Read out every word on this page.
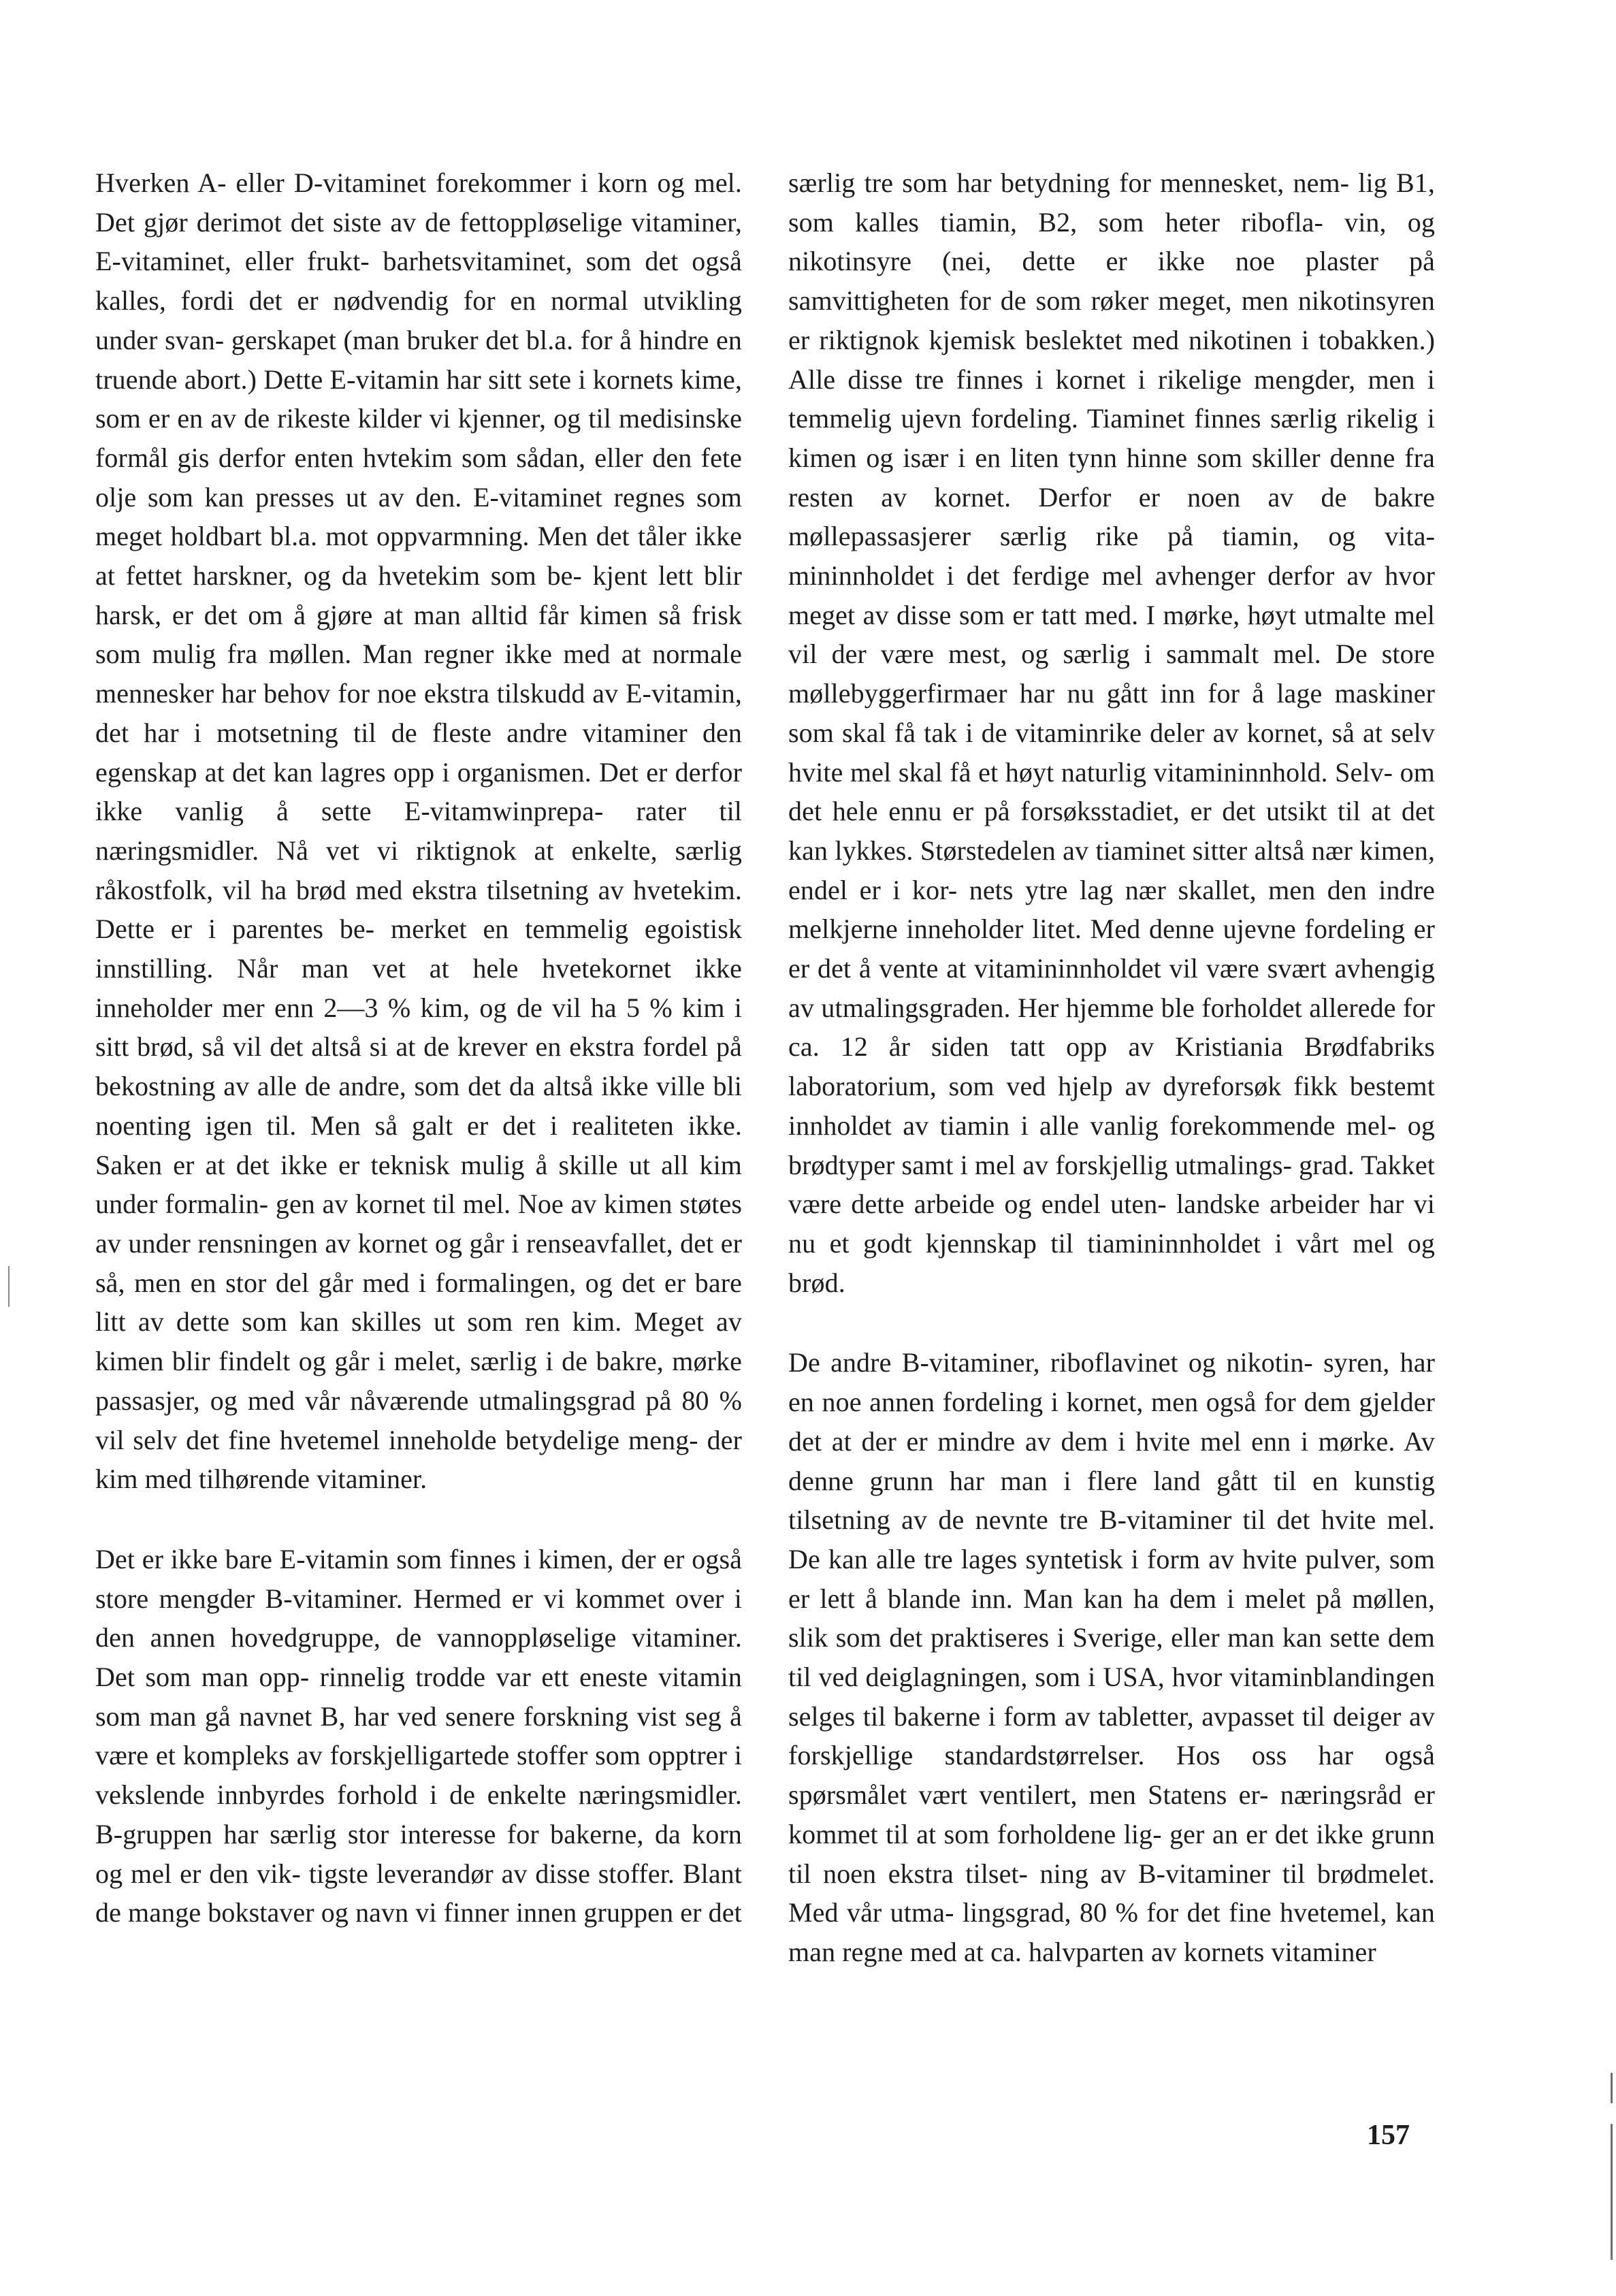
Hverken A- eller D-vitaminet forekommer i korn og mel. Det gjør derimot det siste av de fettoppløselige vitaminer, E-vitaminet, eller frukt- barhetsvitaminet, som det også kalles, fordi det er nødvendig for en normal utvikling under svan- gerskapet (man bruker det bl.a. for å hindre en truende abort.) Dette E-vitamin har sitt sete i kornets kime, som er en av de rikeste kilder vi kjenner, og til medisinske formål gis derfor enten hvtekim som sådan, eller den fete olje som kan presses ut av den. E-vitaminet regnes som meget holdbart bl.a. mot oppvarmning. Men det tåler ikke at fettet harskner, og da hvetekim som be- kjent lett blir harsk, er det om å gjøre at man alltid får kimen så frisk som mulig fra møllen. Man regner ikke med at normale mennesker har behov for noe ekstra tilskudd av E-vitamin, det har i motsetning til de fleste andre vitaminer den egenskap at det kan lagres opp i organismen. Det er derfor ikke vanlig å sette E-vitamwinprepa- rater til næringsmidler. Nå vet vi riktignok at enkelte, særlig råkostfolk, vil ha brød med ekstra tilsetning av hvetekim. Dette er i parentes be- merket en temmelig egoistisk innstilling. Når man vet at hele hvetekornet ikke inneholder mer enn 2—3 % kim, og de vil ha 5 % kim i sitt brød, så vil det altså si at de krever en ekstra fordel på bekostning av alle de andre, som det da altså ikke ville bli noenting igen til. Men så galt er det i realiteten ikke. Saken er at det ikke er teknisk mulig å skille ut all kim under formalin- gen av kornet til mel. Noe av kimen støtes av under rensningen av kornet og går i renseavfallet, det er så, men en stor del går med i formalingen, og det er bare litt av dette som kan skilles ut som ren kim. Meget av kimen blir findelt og går i melet, særlig i de bakre, mørke passasjer, og med vår nåværende utmalingsgrad på 80 % vil selv det fine hvetemel inneholde betydelige meng- der kim med tilhørende vitaminer.

Det er ikke bare E-vitamin som finnes i kimen, der er også store mengder B-vitaminer. Hermed er vi kommet over i den annen hovedgruppe, de vannoppløselige vitaminer. Det som man opp- rinnelig trodde var ett eneste vitamin som man gå navnet B, har ved senere forskning vist seg å være et kompleks av forskjelligartede stoffer som opptrer i vekslende innbyrdes forhold i de enkelte næringsmidler. B-gruppen har særlig stor interesse for bakerne, da korn og mel er den vik- tigste leverandør av disse stoffer. Blant de mange bokstaver og navn vi finner innen gruppen er det

særlig tre som har betydning for mennesket, nem- lig B1, som kalles tiamin, B2, som heter ribofla- vin, og nikotinsyre (nei, dette er ikke noe plaster på samvittigheten for de som røker meget, men nikotinsyren er riktignok kjemisk beslektet med nikotinen i tobakken.) Alle disse tre finnes i kornet i rikelige mengder, men i temmelig ujevn fordeling. Tiaminet finnes særlig rikelig i kimen og især i en liten tynn hinne som skiller denne fra resten av kornet. Derfor er noen av de bakre møllepassasjerer særlig rike på tiamin, og vita- mininnholdet i det ferdige mel avhenger derfor av hvor meget av disse som er tatt med. I mørke, høyt utmalte mel vil der være mest, og særlig i sammalt mel. De store møllebyggerfirmaer har nu gått inn for å lage maskiner som skal få tak i de vitaminrike deler av kornet, så at selv hvite mel skal få et høyt naturlig vitamininnhold. Selv- om det hele ennu er på forsøksstadiet, er det utsikt til at det kan lykkes. Størstedelen av tiaminet sitter altså nær kimen, endel er i kor- nets ytre lag nær skallet, men den indre melkjerne inneholder litet. Med denne ujevne fordeling er er det å vente at vitamininnholdet vil være svært avhengig av utmalingsgraden. Her hjemme ble forholdet allerede for ca. 12 år siden tatt opp av Kristiania Brødfabriks laboratorium, som ved hjelp av dyreforsøk fikk bestemt innholdet av tiamin i alle vanlig forekommende mel- og brødtyper samt i mel av forskjellig utmalings- grad. Takket være dette arbeide og endel uten- landske arbeider har vi nu et godt kjennskap til tiamininnholdet i vårt mel og brød.

De andre B-vitaminer, riboflavinet og nikotin- syren, har en noe annen fordeling i kornet, men også for dem gjelder det at der er mindre av dem i hvite mel enn i mørke. Av denne grunn har man i flere land gått til en kunstig tilsetning av de nevnte tre B-vitaminer til det hvite mel. De kan alle tre lages syntetisk i form av hvite pulver, som er lett å blande inn. Man kan ha dem i melet på møllen, slik som det praktiseres i Sverige, eller man kan sette dem til ved deiglagningen, som i USA, hvor vitaminblandingen selges til bakerne i form av tabletter, avpasset til deiger av forskjellige standardstørrelser. Hos oss har også spørsmålet vært ventilert, men Statens er- næringsråd er kommet til at som forholdene lig- ger an er det ikke grunn til noen ekstra tilset- ning av B-vitaminer til brødmelet. Med vår utma- lingsgrad, 80 % for det fine hvetemel, kan man regne med at ca. halvparten av kornets vitaminer

157
